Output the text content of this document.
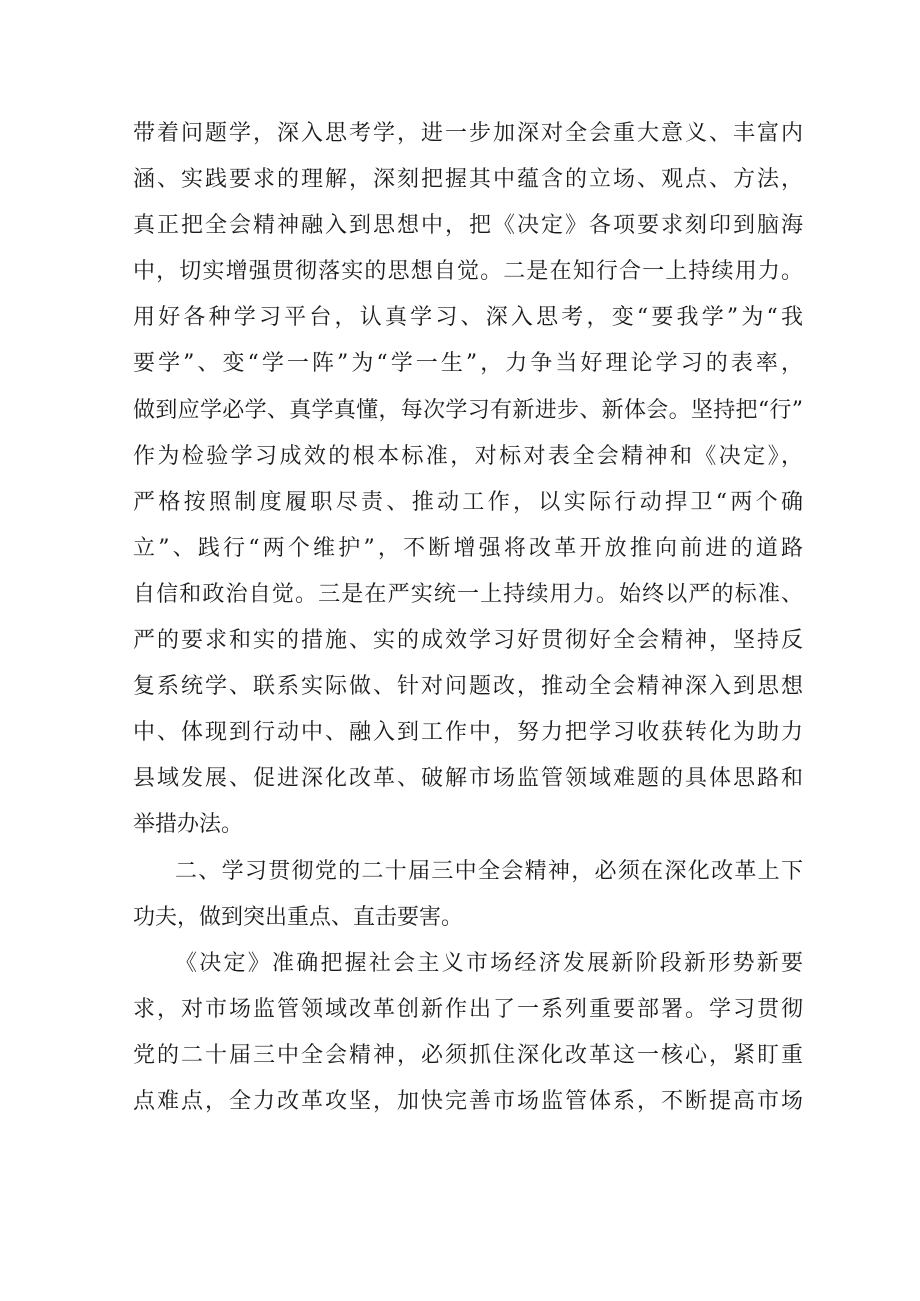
带着问题学，深入思考学，进一步加深对全会重大意义、丰富内
涵、实践要求的理解，深刻把握其中蕴含的立场、观点、方法，
真正把全会精神融入到思想中，把《决定》各项要求刻印到脑海
中，切实增强贯彻落实的思想自觉。二是在知行合一上持续用力。
用好各种学习平台，认真学习、深入思考，变“要我学”为“我
要学”、变“学一阵”为“学一生”，力争当好理论学习的表率，
做到应学必学、真学真懂，每次学习有新进步、新体会。坚持把“行”
作为检验学习成效的根本标准，对标对表全会精神和《决定》，
严格按照制度履职尽责、推动工作，以实际行动捍卫“两个确
立”、践行“两个维护”，不断增强将改革开放推向前进的道路
自信和政治自觉。三是在严实统一上持续用力。始终以严的标准、
严的要求和实的措施、实的成效学习好贯彻好全会精神，坚持反
复系统学、联系实际做、针对问题改，推动全会精神深入到思想
中、体现到行动中、融入到工作中，努力把学习收获转化为助力
县域发展、促进深化改革、破解市场监管领域难题的具体思路和
举措办法。
二、学习贯彻党的二十届三中全会精神，必须在深化改革上下
功夫，做到突出重点、直击要害。
《决定》准确把握社会主义市场经济发展新阶段新形势新要
求，对市场监管领域改革创新作出了一系列重要部署。学习贯彻
党的二十届三中全会精神，必须抓住深化改革这一核心，紧盯重
点难点，全力改革攻坚，加快完善市场监管体系，不断提高市场
